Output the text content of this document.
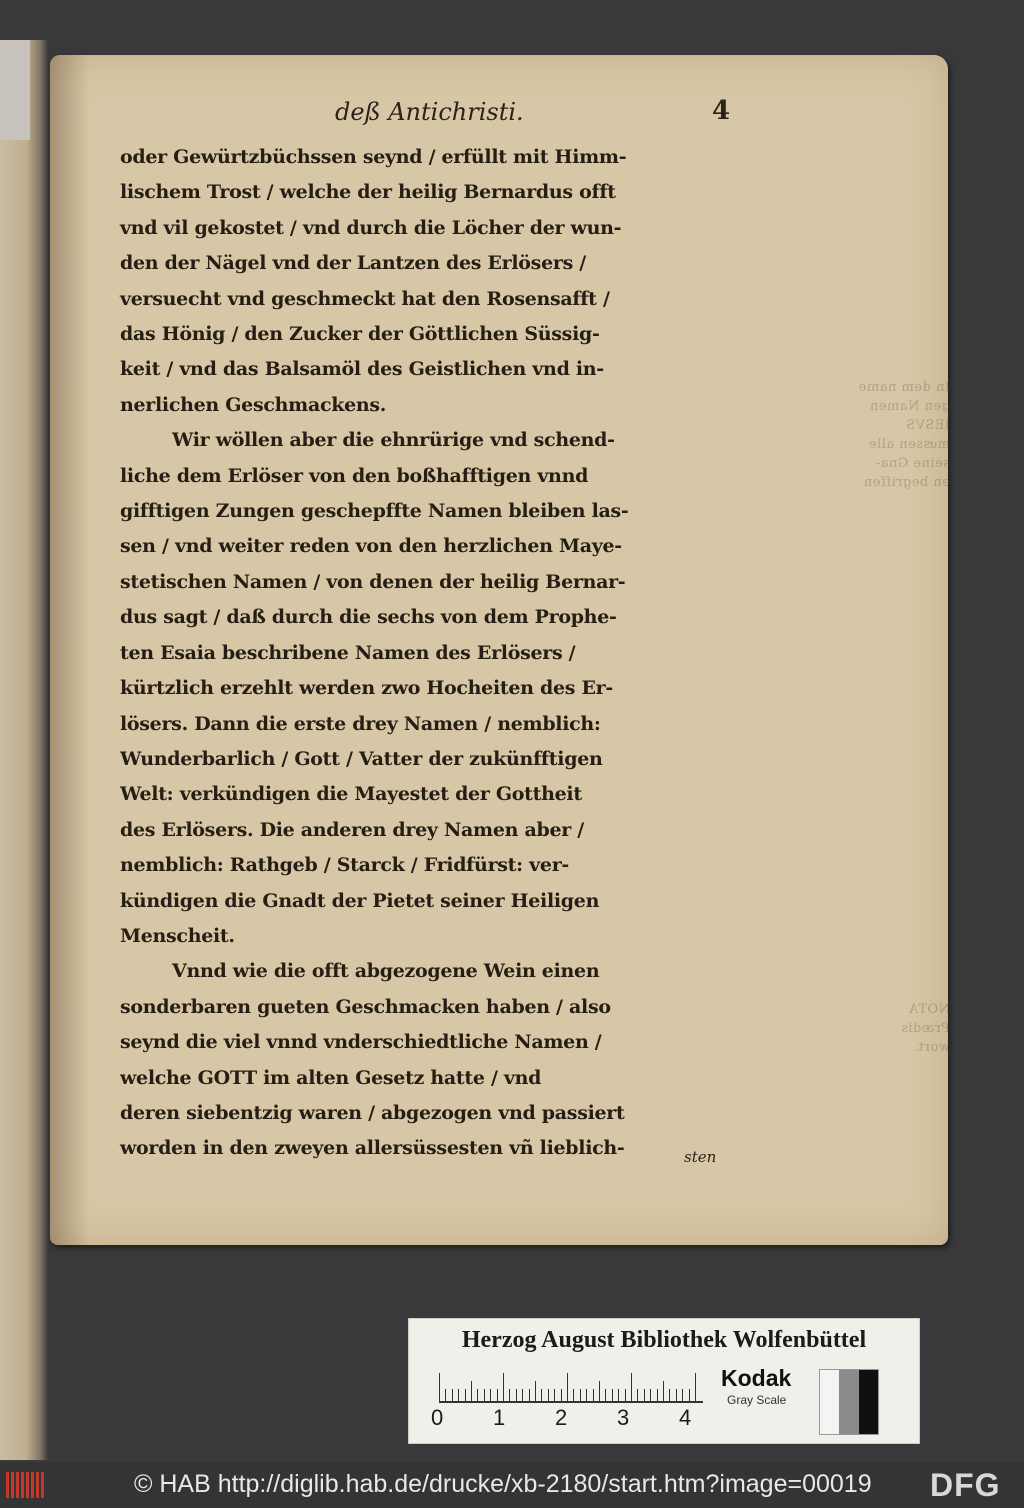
In dem name
gen Namen
IESVS
muͤssen alle
seine Gna-
en begriffen
NOTA
Prædis
wort.
deß Antichristi.	4
oder Gewürtzbüchssen seynd / erfüllt mit Himm-
lischem Trost / welche der heilig Bernardus offt
vnd vil gekostet / vnd durch die Löcher der wun-
den der Nägel vnd der Lantzen des Erlösers /
versuecht vnd geschmeckt hat den Rosensafft /
das Hönig / den Zucker der Göttlichen Süssig-
keit / vnd das Balsamöl des Geistlichen vnd in-
nerlichen Geschmackens.
Wir wöllen aber die ehnrürige vnd schend-
liche dem Erlöser von den boßhafftigen vnnd
gifftigen Zungen geschepffte Namen bleiben las-
sen / vnd weiter reden von den herzlichen Maye-
stetischen Namen / von denen der heilig Bernar-
dus sagt / daß durch die sechs von dem Prophe-
ten Esaia beschribene Namen des Erlösers /
kürtzlich erzehlt werden zwo Hocheiten des Er-
lösers. Dann die erste drey Namen / nemblich:
Wunderbarlich / Gott / Vatter der zukünfftigen
Welt: verkündigen die Mayestet der Gottheit
des Erlösers. Die anderen drey Namen aber /
nemblich: Rathgeb / Starck / Fridfürst: ver-
kündigen die Gnadt der Pietet seiner Heiligen
Menscheit.
Vnnd wie die offt abgezogene Wein einen
sonderbaren gueten Geschmacken haben / also
seynd die viel vnnd vnderschiedtliche Namen /
welche GOTT im alten Gesetz hatte / vnd
deren siebentzig waren / abgezogen vnd passiert
worden in den zweyen allersüssesten vñ lieblich-	sten
Herzog August Bibliothek Wolfenbüttel
0 1 2 3 4
Kodak
Gray Scale
© HAB http://diglib.hab.de/drucke/xb-2180/start.htm?image=00019 DFG
